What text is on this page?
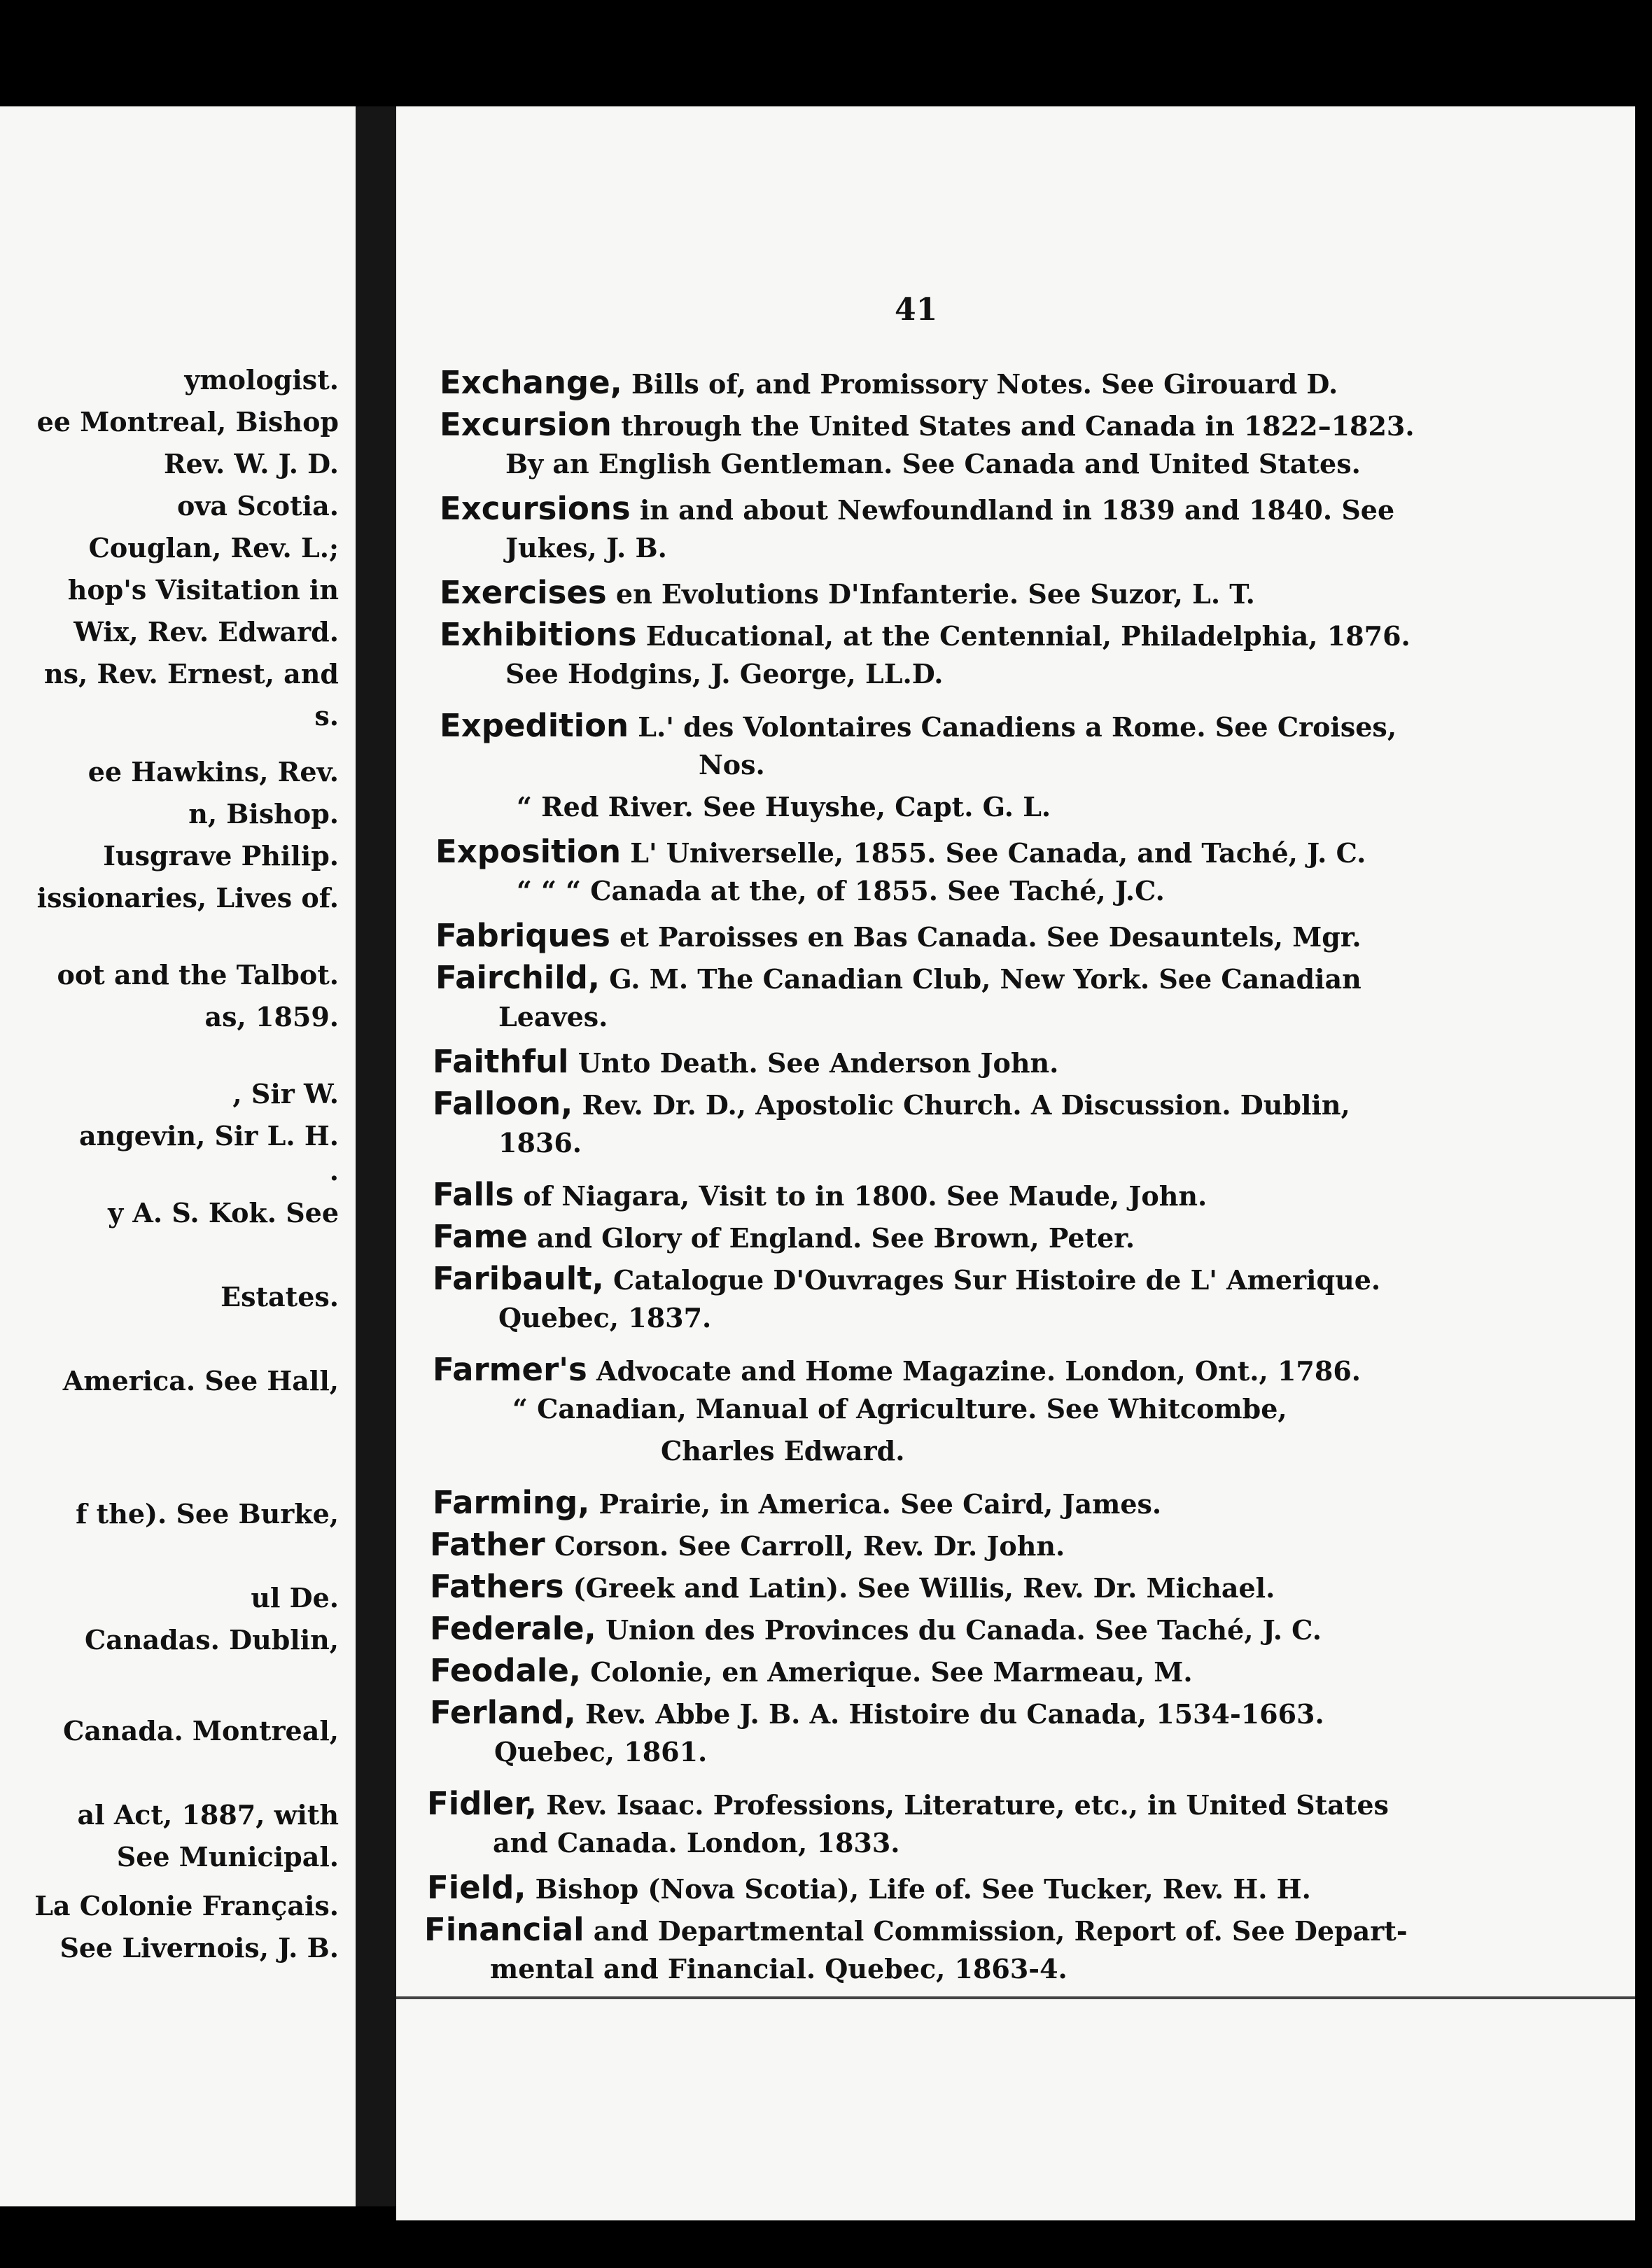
ymologist.
ee Montreal, Bishop
Rev. W. J. D.
ova Scotia.
Couglan, Rev. L.;
hop's Visitation in
Wix, Rev. Edward.
ns, Rev. Ernest, and
s.
ee Hawkins, Rev.
n, Bishop.
Iusgrave Philip.
issionaries, Lives of.
oot and the Talbot.
as, 1859.
, Sir W.
angevin, Sir L. H.
.
y A. S. Kok. See
Estates.
America. See Hall,
f the). See Burke,
ul De.
Canadas. Dublin,
Canada. Montreal,
al Act, 1887, with
See Municipal.
La Colonie Français.
See Livernois, J. B.
41
Exchange, Bills of, and Promissory Notes. See Girouard D.
Excursion through the United States and Canada in 1822–1823.
By an English Gentleman. See Canada and United States.
Excursions in and about Newfoundland in 1839 and 1840. See
Jukes, J. B.
Exercises en Evolutions D'Infanterie. See Suzor, L. T.
Exhibitions Educational, at the Centennial, Philadelphia, 1876.
See Hodgins, J. George, LL.D.
Expedition L.' des Volontaires Canadiens a Rome. See Croises,
Nos.
“ Red River. See Huyshe, Capt. G. L.
Exposition L' Universelle, 1855. See Canada, and Taché, J. C.
“ “ “ Canada at the, of 1855. See Taché, J.C.
Fabriques et Paroisses en Bas Canada. See Desauntels, Mgr.
Fairchild, G. M. The Canadian Club, New York. See Canadian
Leaves.
Faithful Unto Death. See Anderson John.
Falloon, Rev. Dr. D., Apostolic Church. A Discussion. Dublin,
1836.
Falls of Niagara, Visit to in 1800. See Maude, John.
Fame and Glory of England. See Brown, Peter.
Faribault, Catalogue D'Ouvrages Sur Histoire de L' Amerique.
Quebec, 1837.
Farmer's Advocate and Home Magazine. London, Ont., 1786.
“ Canadian, Manual of Agriculture. See Whitcombe,
Charles Edward.
Farming, Prairie, in America. See Caird, James.
Father Corson. See Carroll, Rev. Dr. John.
Fathers (Greek and Latin). See Willis, Rev. Dr. Michael.
Federale, Union des Provinces du Canada. See Taché, J. C.
Feodale, Colonie, en Amerique. See Marmeau, M.
Ferland, Rev. Abbe J. B. A. Histoire du Canada, 1534-1663.
Quebec, 1861.
Fidler, Rev. Isaac. Professions, Literature, etc., in United States
and Canada. London, 1833.
Field, Bishop (Nova Scotia), Life of. See Tucker, Rev. H. H.
Financial and Departmental Commission, Report of. See Depart-
mental and Financial. Quebec, 1863-4.
